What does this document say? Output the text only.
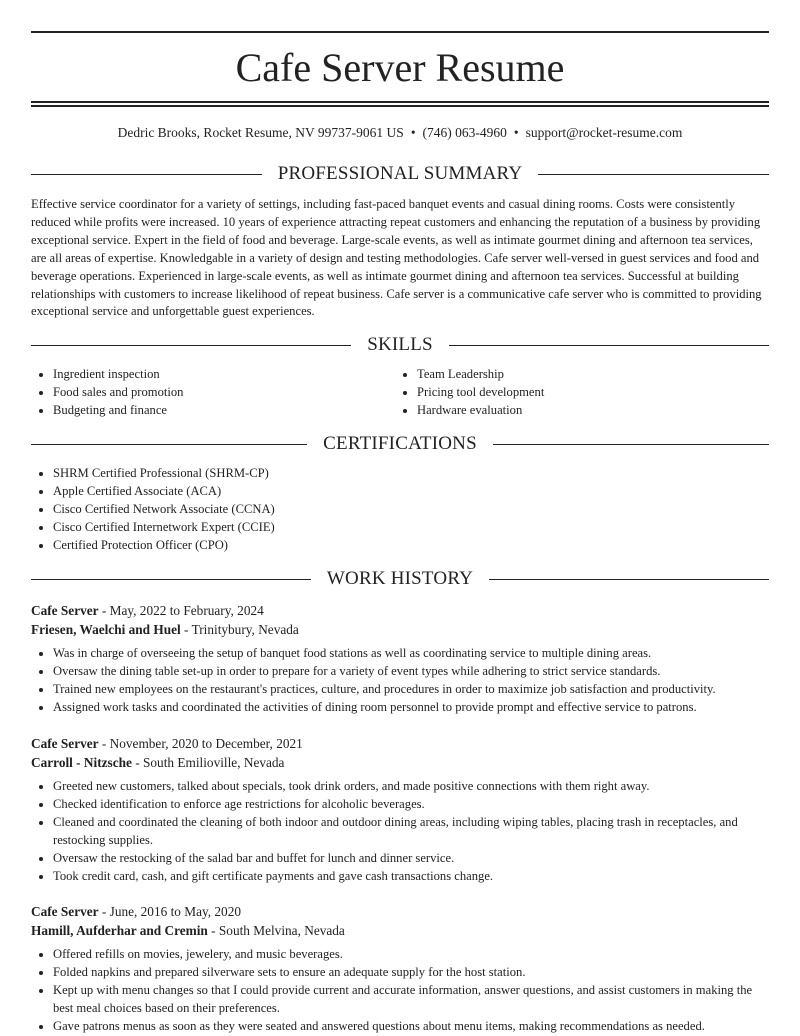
Cafe Server Resume
Dedric Brooks, Rocket Resume, NV 99737-9061 US • (746) 063-4960 • support@rocket-resume.com
PROFESSIONAL SUMMARY

Effective service coordinator for a variety of settings, including fast-paced banquet events and casual dining rooms. Costs were consistently reduced while profits were increased. 10 years of experience attracting repeat customers and enhancing the reputation of a business by providing exceptional service. Expert in the field of food and beverage. Large-scale events, as well as intimate gourmet dining and afternoon tea services, are all areas of expertise. Knowledgable in a variety of design and testing methodologies. Cafe server well-versed in guest services and food and beverage operations. Experienced in large-scale events, as well as intimate gourmet dining and afternoon tea services. Successful at building relationships with customers to increase likelihood of repeat business. Cafe server is a communicative cafe server who is committed to providing exceptional service and unforgettable guest experiences.

SKILLS
• Ingredient inspection
• Food sales and promotion
• Budgeting and finance
• Team Leadership
• Pricing tool development
• Hardware evaluation
CERTIFICATIONS
• SHRM Certified Professional (SHRM-CP)
• Apple Certified Associate (ACA)
• Cisco Certified Network Associate (CCNA)
• Cisco Certified Internetwork Expert (CCIE)
• Certified Protection Officer (CPO)
WORK HISTORY
Cafe Server - May, 2022 to February, 2024
Friesen, Waelchi and Huel - Trinitybury, Nevada
• Was in charge of overseeing the setup of banquet food stations as well as coordinating service to multiple dining areas.
• Oversaw the dining table set-up in order to prepare for a variety of event types while adhering to strict service standards.
• Trained new employees on the restaurant's practices, culture, and procedures in order to maximize job satisfaction and productivity.
• Assigned work tasks and coordinated the activities of dining room personnel to provide prompt and effective service to patrons.
Cafe Server - November, 2020 to December, 2021
Carroll - Nitzsche - South Emilioville, Nevada
• Greeted new customers, talked about specials, took drink orders, and made positive connections with them right away.
• Checked identification to enforce age restrictions for alcoholic beverages.
• Cleaned and coordinated the cleaning of both indoor and outdoor dining areas, including wiping tables, placing trash in receptacles, and restocking supplies.
• Oversaw the restocking of the salad bar and buffet for lunch and dinner service.
• Took credit card, cash, and gift certificate payments and gave cash transactions change.
Cafe Server - June, 2016 to May, 2020
Hamill, Aufderhar and Cremin - South Melvina, Nevada
• Offered refills on movies, jewelery, and music beverages.
• Folded napkins and prepared silverware sets to ensure an adequate supply for the host station.
• Kept up with menu changes so that I could provide current and accurate information, answer questions, and assist customers in making the best meal choices based on their preferences.
• Gave patrons menus as soon as they were seated and answered questions about menu items, making recommendations as needed.
